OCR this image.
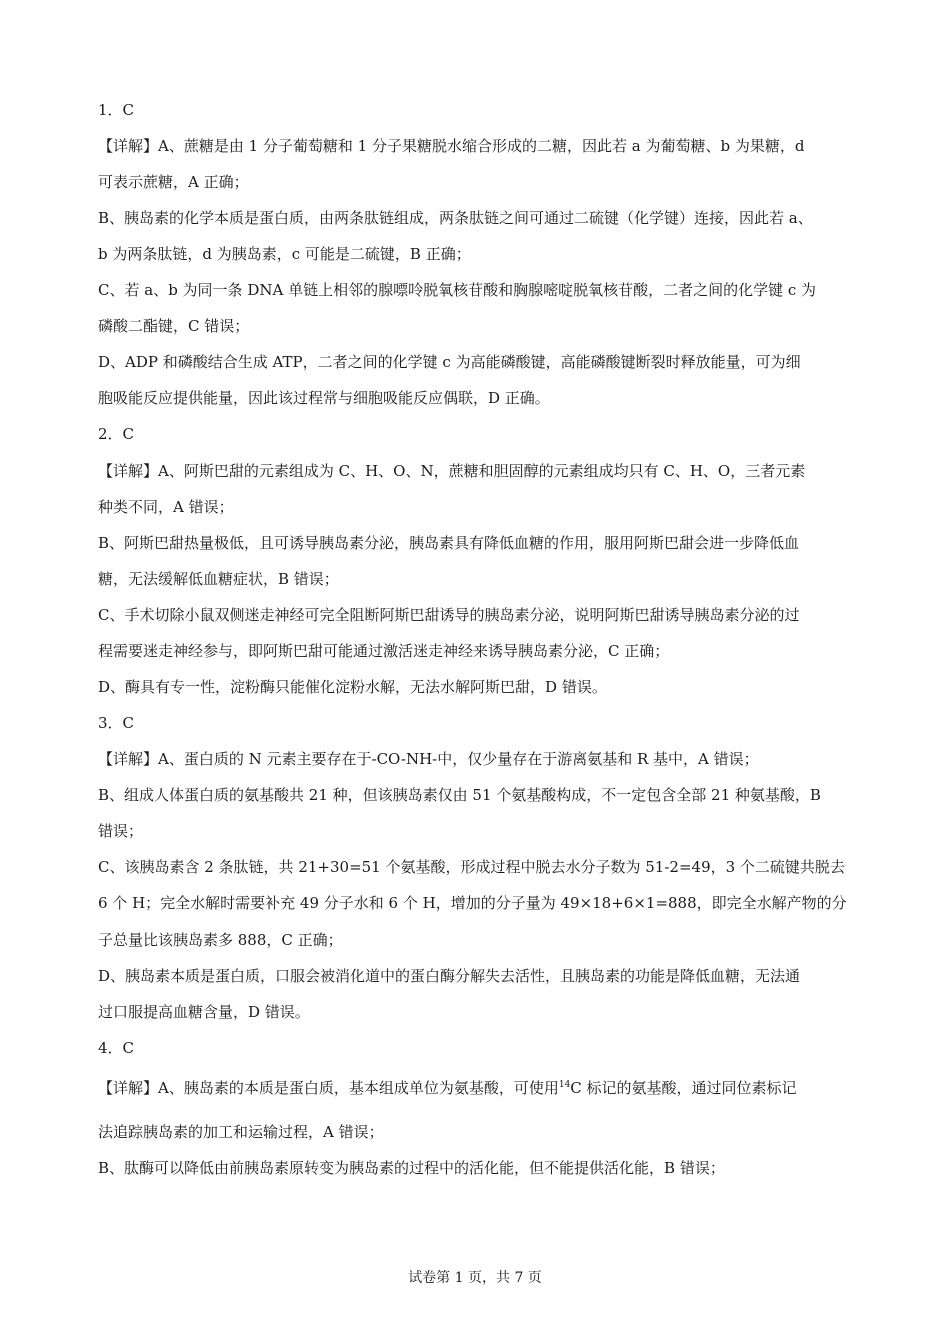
1．C
【详解】A、蔗糖是由 1 分子葡萄糖和 1 分子果糖脱水缩合形成的二糖，因此若 a 为葡萄糖、b 为果糖，d
可表示蔗糖，A 正确；
B、胰岛素的化学本质是蛋白质，由两条肽链组成，两条肽链之间可通过二硫键（化学键）连接，因此若 a、
b 为两条肽链，d 为胰岛素，c 可能是二硫键，B 正确；
C、若 a、b 为同一条 DNA 单链上相邻的腺嘌呤脱氧核苷酸和胸腺嘧啶脱氧核苷酸，二者之间的化学键 c 为
磷酸二酯键，C 错误；
D、ADP 和磷酸结合生成 ATP，二者之间的化学键 c 为高能磷酸键，高能磷酸键断裂时释放能量，可为细
胞吸能反应提供能量，因此该过程常与细胞吸能反应偶联，D 正确。
2．C
【详解】A、阿斯巴甜的元素组成为 C、H、O、N，蔗糖和胆固醇的元素组成均只有 C、H、O，三者元素
种类不同，A 错误；
B、阿斯巴甜热量极低，且可诱导胰岛素分泌，胰岛素具有降低血糖的作用，服用阿斯巴甜会进一步降低血
糖，无法缓解低血糖症状，B 错误；
C、手术切除小鼠双侧迷走神经可完全阻断阿斯巴甜诱导的胰岛素分泌，说明阿斯巴甜诱导胰岛素分泌的过
程需要迷走神经参与，即阿斯巴甜可能通过激活迷走神经来诱导胰岛素分泌，C 正确；
D、酶具有专一性，淀粉酶只能催化淀粉水解，无法水解阿斯巴甜，D 错误。
3．C
【详解】A、蛋白质的 N 元素主要存在于-CO-NH-中，仅少量存在于游离氨基和 R 基中，A 错误；
B、组成人体蛋白质的氨基酸共 21 种，但该胰岛素仅由 51 个氨基酸构成，不一定包含全部 21 种氨基酸，B
错误；
C、该胰岛素含 2 条肽链，共 21+30=51 个氨基酸，形成过程中脱去水分子数为 51-2=49，3 个二硫键共脱去
6 个 H；完全水解时需要补充 49 分子水和 6 个 H，增加的分子量为 49×18+6×1=888，即完全水解产物的分
子总量比该胰岛素多 888，C 正确；
D、胰岛素本质是蛋白质，口服会被消化道中的蛋白酶分解失去活性，且胰岛素的功能是降低血糖，无法通
过口服提高血糖含量，D 错误。
4．C
【详解】A、胰岛素的本质是蛋白质，基本组成单位为氨基酸，可使用$^{14}$C 标记的氨基酸，通过同位素标记
法追踪胰岛素的加工和运输过程，A 错误；
B、肽酶可以降低由前胰岛素原转变为胰岛素的过程中的活化能，但不能提供活化能，B 错误；
试卷第 1 页，共 7 页
